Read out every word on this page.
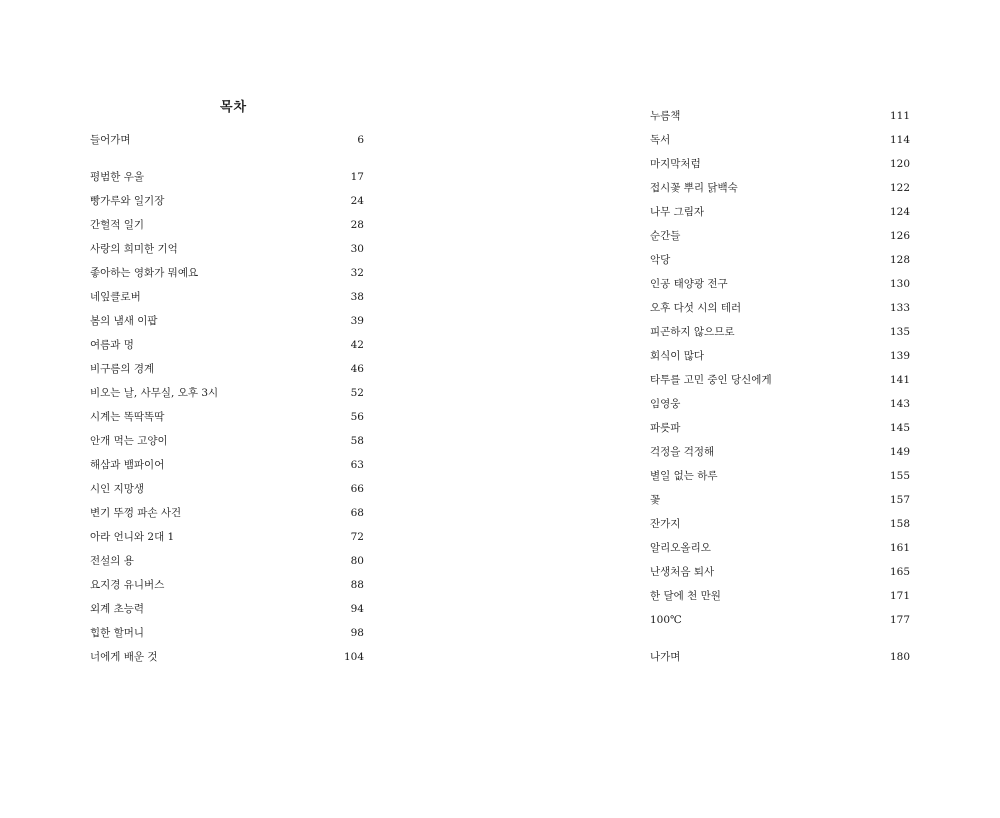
목차
들어가며	6
평범한 우울	17
빵가루와 일기장	24
간헐적 일기	28
사랑의 희미한 기억	30
좋아하는 영화가 뭐예요	32
네잎클로버	38
봄의 냄새 이팝	39
여름과 멍	42
비구름의 경계	46
비오는 날, 사무실, 오후 3시	52
시계는 똑딱똑딱	56
안개 먹는 고양이	58
해삼과 뱀파이어	63
시인 지망생	66
변기 뚜껑 파손 사건	68
아라 언니와 2대 1	72
전설의 용	80
요지경 유니버스	88
외계 초능력	94
힙한 할머니	98
너에게 배운 것	104
누름책	111
독서	114
마지막처럼	120
접시꽃 뿌리 닭백숙	122
나무 그림자	124
순간들	126
악당	128
인공 태양광 전구	130
오후 다섯 시의 테러	133
피곤하지 않으므로	135
회식이 많다	139
타투를 고민 중인 당신에게	141
임영웅	143
파릇파	145
걱정을 걱정해	149
별일 없는 하루	155
꽃	157
잔가지	158
알리오올리오	161
난생처음 퇴사	165
한 달에 천 만원	171
100℃	177
나가며	180
